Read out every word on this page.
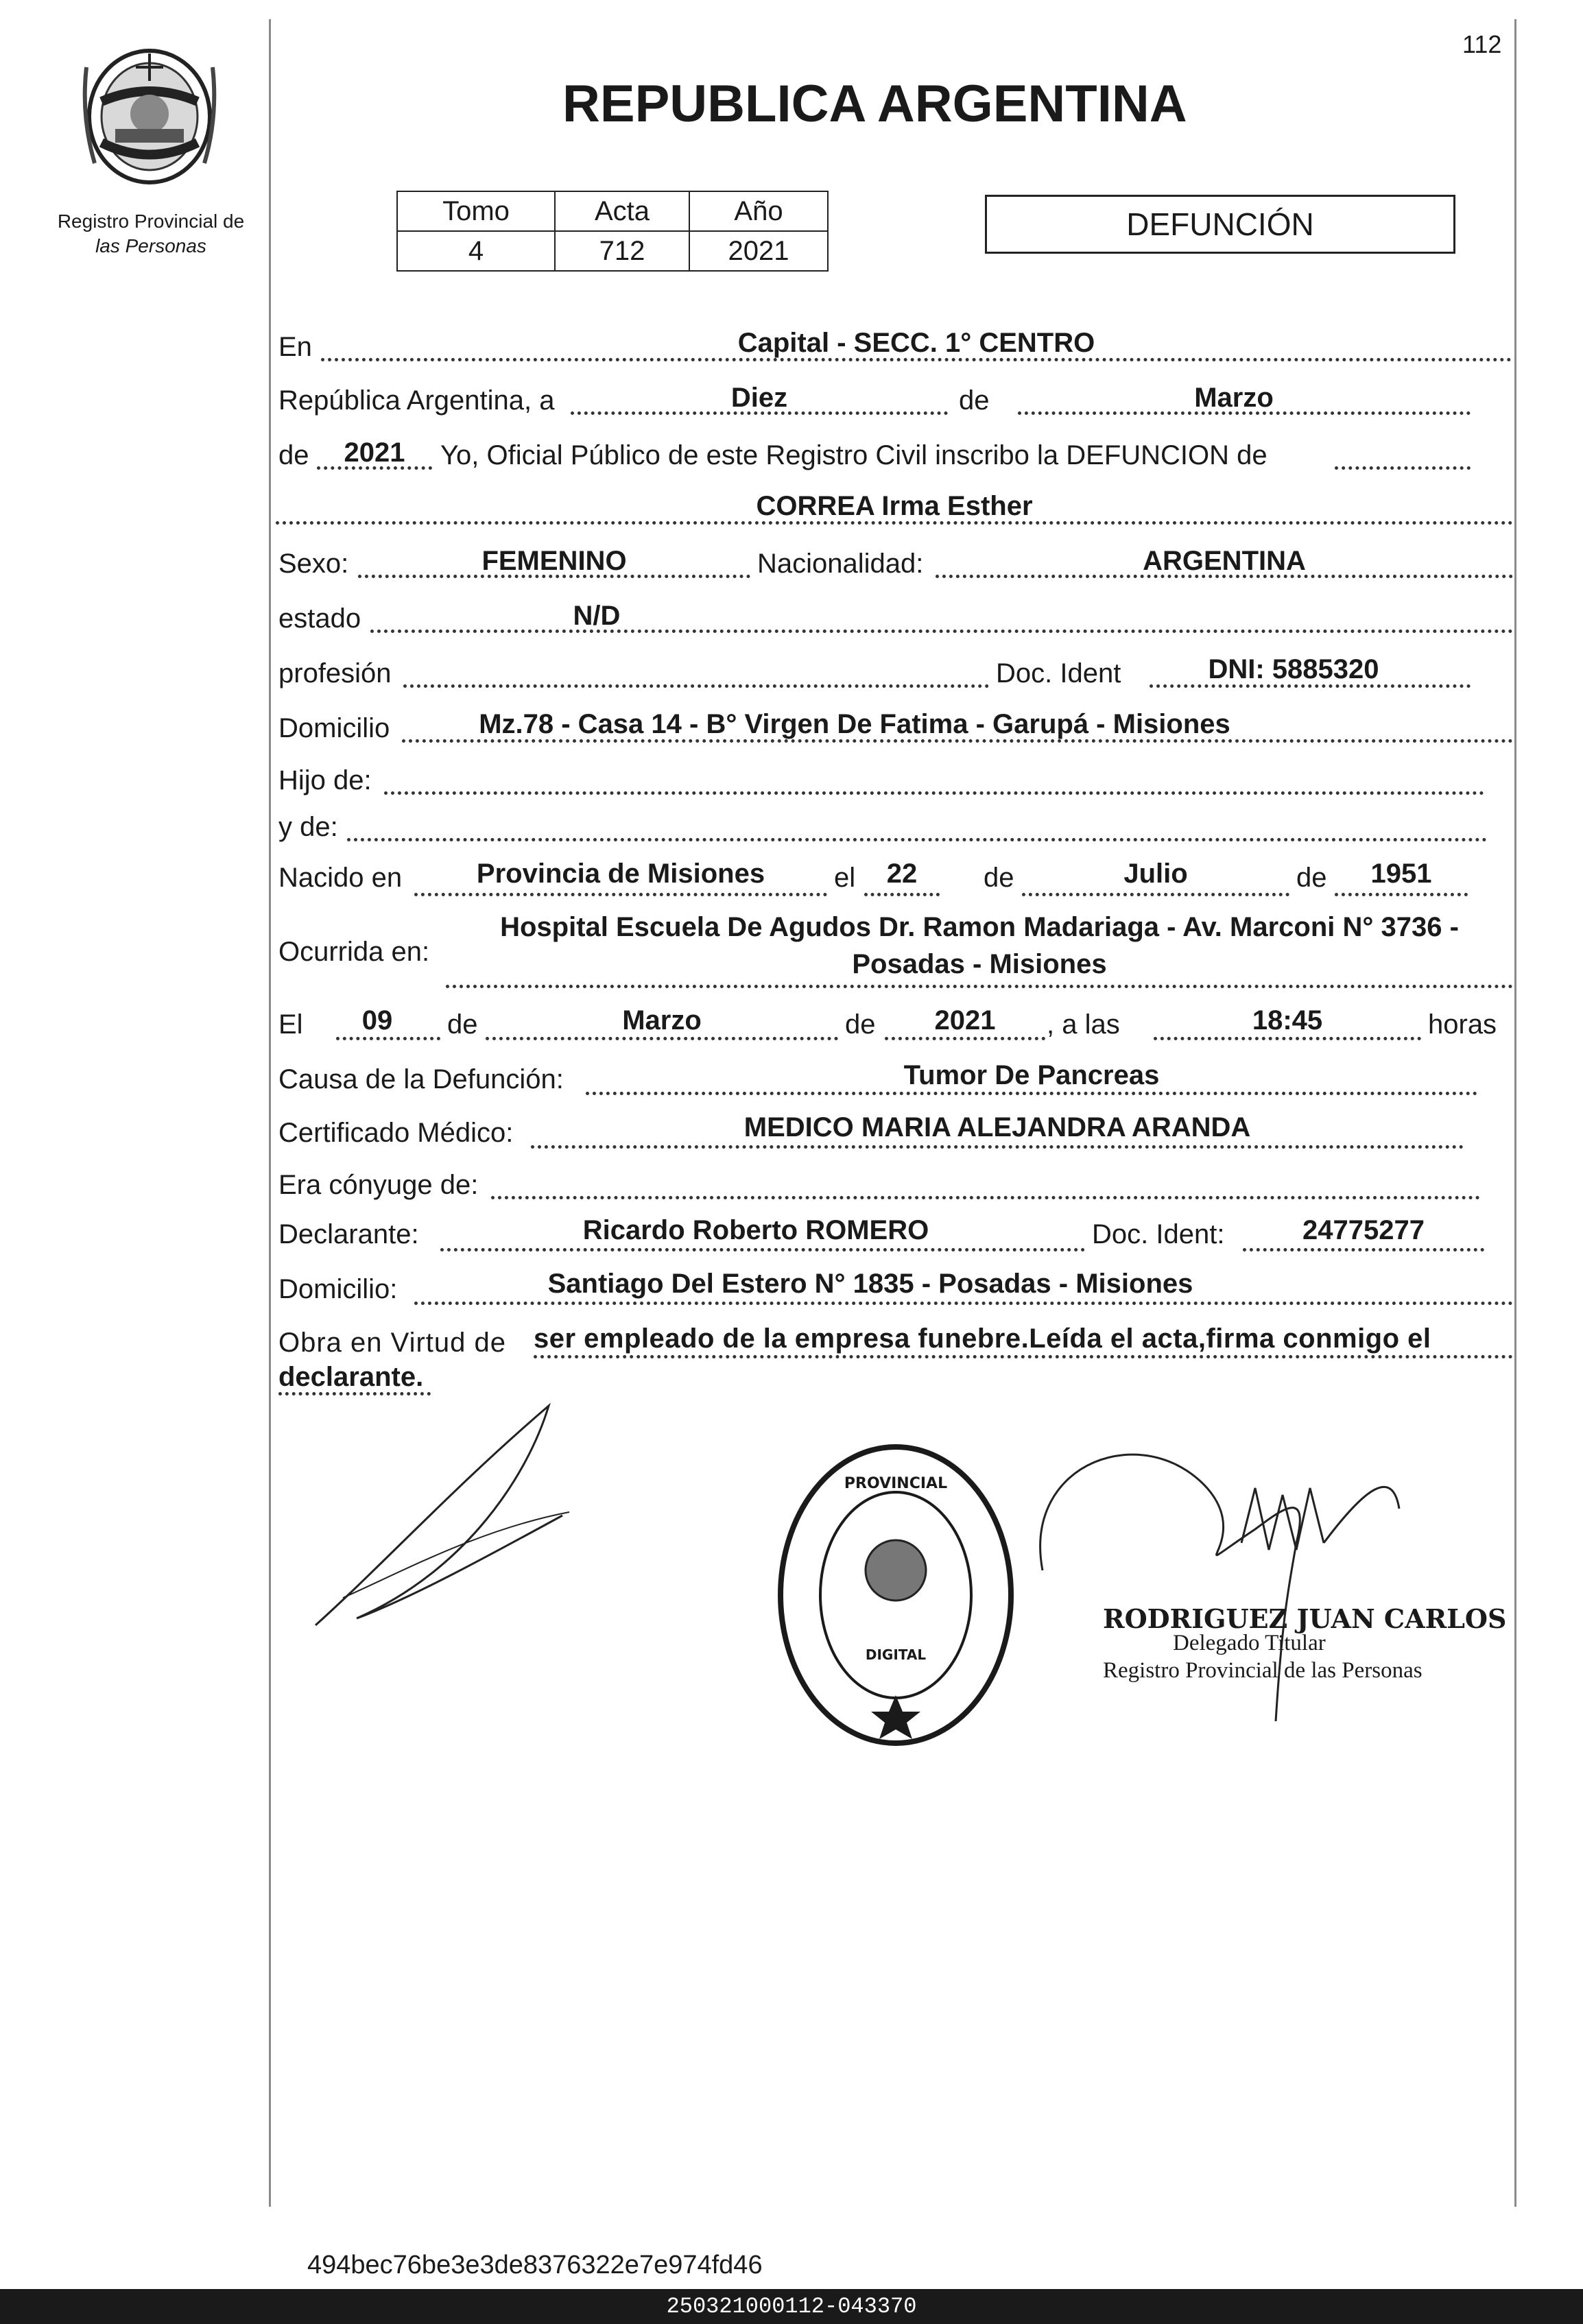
Registro Provincial de
las Personas
112
REPUBLICA ARGENTINA
Tomo	Acta	Año
4	712	2021
DEFUNCIÓN
En	Capital - SECC. 1° CENTRO
República Argentina, a	Diez	de	Marzo
de	2021	Yo, Oficial Público de este Registro Civil inscribo la DEFUNCION de
CORREA Irma Esther
Sexo:	FEMENINO	Nacionalidad:	ARGENTINA
estado	N/D
profesión	Doc. Ident	DNI: 5885320
Domicilio	Mz.78 - Casa 14 - B° Virgen De Fatima - Garupá - Misiones
Hijo de:
y de:
Nacido en	Provincia de Misiones	el	22	de	Julio	de	1951
Ocurrida en:
Hospital Escuela De Agudos Dr. Ramon Madariaga - Av. Marconi N° 3736 -
Posadas - Misiones
El	09	de	Marzo	de	2021	, a las	18:45	horas
Causa de la Defunción:	Tumor De Pancreas
Certificado Médico:	MEDICO MARIA ALEJANDRA ARANDA
Era cónyuge de:
Declarante:	Ricardo Roberto ROMERO	Doc. Ident:	24775277
Domicilio:	Santiago Del Estero N° 1835 - Posadas - Misiones
Obra en Virtud de ser empleado de la empresa funebre.Leída el acta,firma conmigo el
declarante.
PROVINCIAL
DIGITAL
RODRIGUEZ JUAN CARLOS
Delegado Titular
Registro Provincial de las Personas
494bec76be3e3de8376322e7e974fd46
250321000112-043370
